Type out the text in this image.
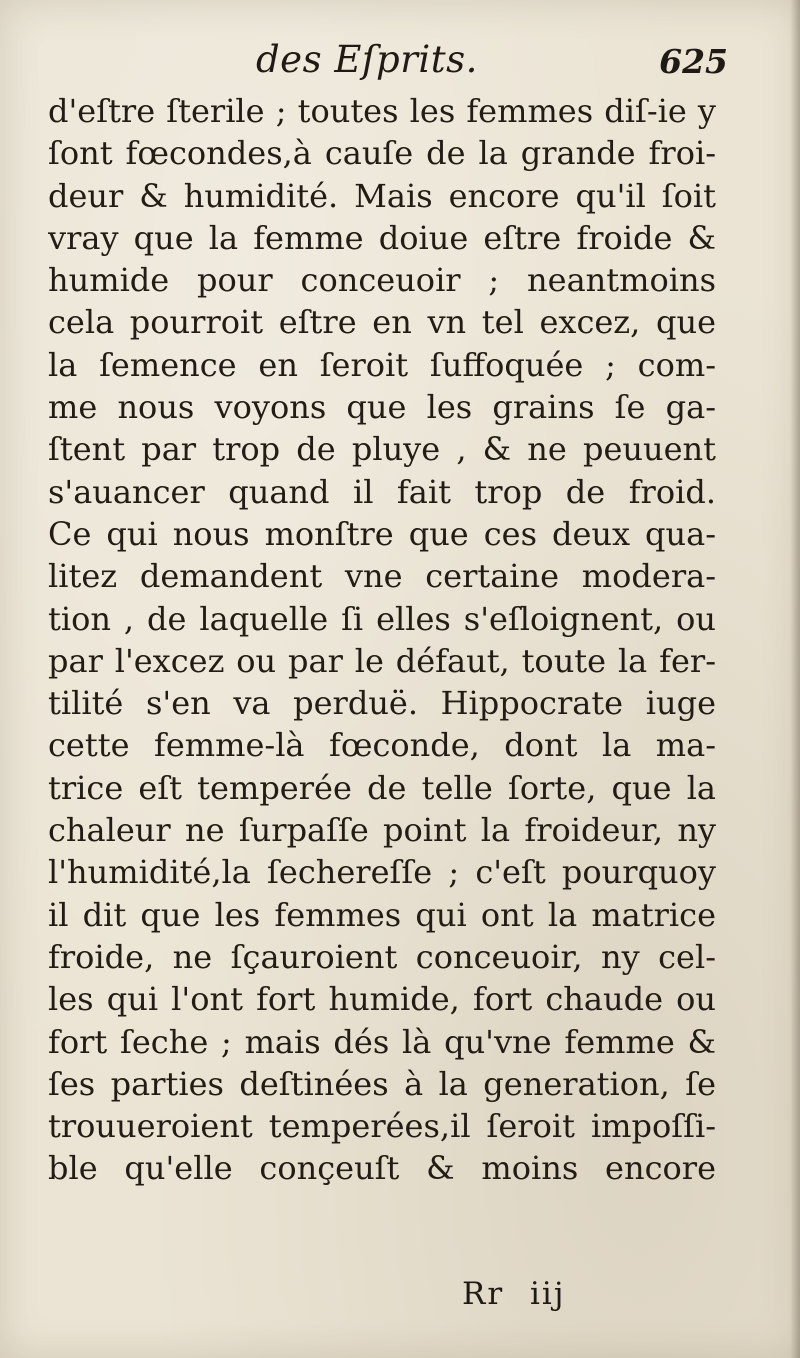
des Eſprits.	625
d'eſtre ſterile ; toutes les femmes diſ-ie y
ſont fœcondes,à cauſe de la grande froi-
deur & humidité. Mais encore qu'il ſoit
vray que la femme doiue eſtre froide &
humide pour conceuoir ; neantmoins
cela pourroit eſtre en vn tel excez, que
la ſemence en ſeroit ſuffoquée ; com-
me nous voyons que les grains ſe ga-
ſtent par trop de pluye , & ne peuuent
s'auancer quand il fait trop de froid.
Ce qui nous monſtre que ces deux qua-
litez demandent vne certaine modera-
tion , de laquelle ſi elles s'eſloignent, ou
par l'excez ou par le défaut, toute la fer-
tilité s'en va perduë. Hippocrate iuge
cette femme-là fœconde, dont la ma-
trice eſt temperée de telle ſorte, que la
chaleur ne ſurpaſſe point la froideur, ny
l'humidité,la ſechereſſe ; c'eſt pourquoy
il dit que les femmes qui ont la matrice
froide, ne ſçauroient conceuoir, ny cel-
les qui l'ont fort humide, fort chaude ou
fort ſeche ; mais dés là qu'vne femme &
ſes parties deſtinées à la generation, ſe
trouueroient temperées,il ſeroit impoſſi-
ble qu'elle conçeuſt & moins encore
Rr iij
